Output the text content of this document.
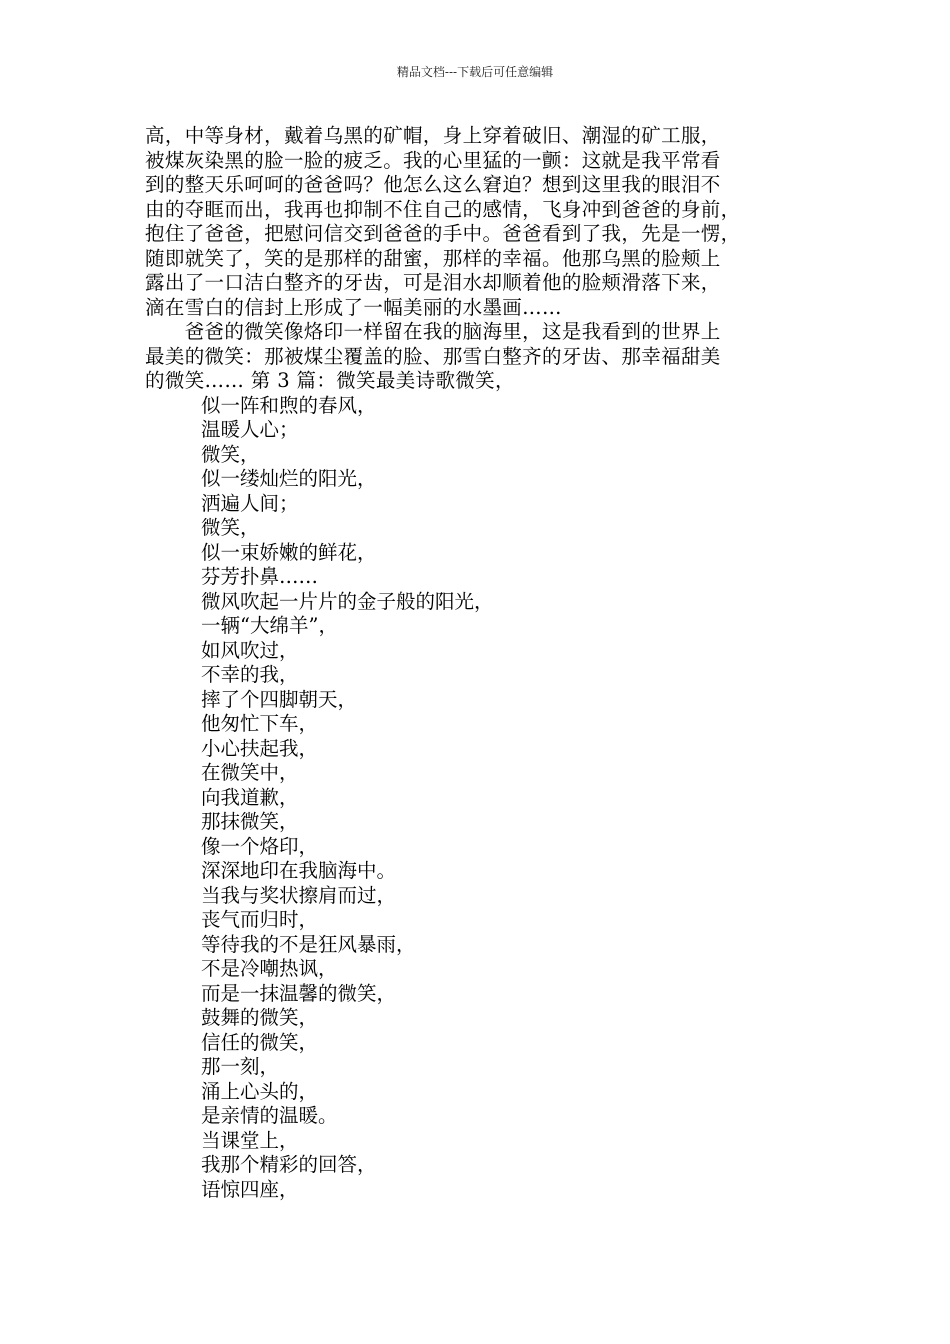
精品文档---下载后可任意编辑
高，中等身材，戴着乌黑的矿帽，身上穿着破旧、潮湿的矿工服，
被煤灰染黑的脸一脸的疲乏。我的心里猛的一颤：这就是我平常看
到的整天乐呵呵的爸爸吗？他怎么这么窘迫？想到这里我的眼泪不
由的夺眶而出，我再也抑制不住自己的感情，飞身冲到爸爸的身前，
抱住了爸爸，把慰问信交到爸爸的手中。爸爸看到了我，先是一愣，
随即就笑了，笑的是那样的甜蜜，那样的幸福。他那乌黑的脸颊上
露出了一口洁白整齐的牙齿，可是泪水却顺着他的脸颊滑落下来，
滴在雪白的信封上形成了一幅美丽的水墨画……
　　爸爸的微笑像烙印一样留在我的脑海里，这是我看到的世界上
最美的微笑：那被煤尘覆盖的脸、那雪白整齐的牙齿、那幸福甜美
的微笑…… 第 3 篇：微笑最美诗歌微笑，
似一阵和煦的春风，
温暖人心；
微笑，
似一缕灿烂的阳光，
洒遍人间；
微笑，
似一束娇嫩的鲜花，
芬芳扑鼻……
微风吹起一片片的金子般的阳光，
一辆“大绵羊”，
如风吹过，
不幸的我，
摔了个四脚朝天，
他匆忙下车，
小心扶起我，
在微笑中，
向我道歉，
那抹微笑，
像一个烙印，
深深地印在我脑海中。
当我与奖状擦肩而过，
丧气而归时，
等待我的不是狂风暴雨，
不是冷嘲热讽，
而是一抹温馨的微笑，
鼓舞的微笑，
信任的微笑，
那一刻，
涌上心头的，
是亲情的温暖。
当课堂上，
我那个精彩的回答，
语惊四座，
